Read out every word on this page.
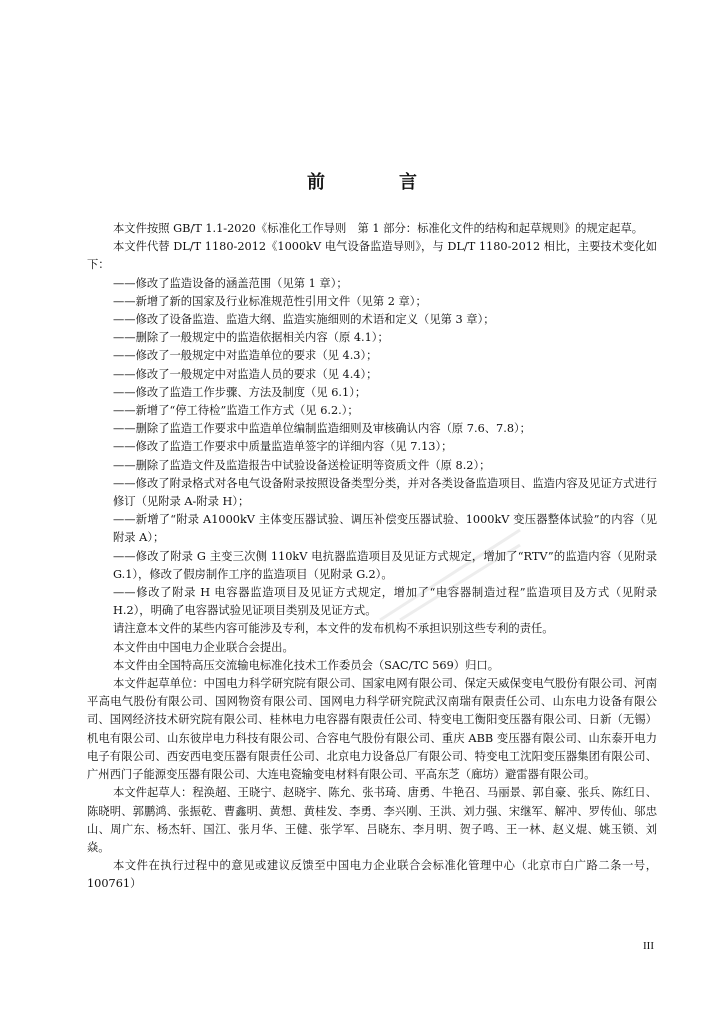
前　言

本文件按照 GB/T 1.1-2020《标准化工作导则　第 1 部分：标准化文件的结构和起草规则》的规定起草。

本文件代替 DL/T 1180-2012《1000kV 电气设备监造导则》，与 DL/T 1180-2012 相比，主要技术变化如下：

——修改了监造设备的涵盖范围（见第 1 章）；

——新增了新的国家及行业标准规范性引用文件（见第 2 章）；

——修改了设备监造、监造大纲、监造实施细则的术语和定义（见第 3 章）；

——删除了一般规定中的监造依据相关内容（原 4.1）；

——修改了一般规定中对监造单位的要求（见 4.3）；

——修改了一般规定中对监造人员的要求（见 4.4）；

——修改了监造工作步骤、方法及制度（见 6.1）；

——新增了“停工待检”监造工作方式（见 6.2.）；

——删除了监造工作要求中监造单位编制监造细则及审核确认内容（原 7.6、7.8）；

——修改了监造工作要求中质量监造单签字的详细内容（见 7.13）；

——删除了监造文件及监造报告中试验设备送检证明等资质文件（原 8.2）；

——修改了附录格式对各电气设备附录按照设备类型分类，并对各类设备监造项目、监造内容及见证方式进行修订（见附录 A-附录 H）；

——新增了“附录 A1000kV 主体变压器试验、调压补偿变压器试验、1000kV 变压器整体试验”的内容（见附录 A）；

——修改了附录 G 主变三次侧 110kV 电抗器监造项目及见证方式规定，增加了“RTV”的监造内容（见附录 G.1），修改了假房制作工序的监造项目（见附录 G.2）。

——修改了附录 H 电容器监造项目及见证方式规定，增加了“电容器制造过程”监造项目及方式（见附录 H.2），明确了电容器试验见证项目类别及见证方式。

请注意本文件的某些内容可能涉及专利，本文件的发布机构不承担识别这些专利的责任。

本文件由中国电力企业联合会提出。

本文件由全国特高压交流输电标准化技术工作委员会（SAC/TC 569）归口。

本文件起草单位：中国电力科学研究院有限公司、国家电网有限公司、保定天威保变电气股份有限公司、河南平高电气股份有限公司、国网物资有限公司、国网电力科学研究院武汉南瑞有限责任公司、山东电力设备有限公司、国网经济技术研究院有限公司、桂林电力电容器有限责任公司、特变电工衡阳变压器有限公司、日新（无锡）机电有限公司、山东彼岸电力科技有限公司、合容电气股份有限公司、重庆 ABB 变压器有限公司、山东泰开电力电子有限公司、西安西电变压器有限责任公司、北京电力设备总厂有限公司、特变电工沈阳变压器集团有限公司、广州西门子能源变压器有限公司、大连电瓷输变电材料有限公司、平高东芝（廊坊）避雷器有限公司。

本文件起草人：程涣超、王晓宁、赵晓宇、陈允、张书琦、唐勇、牛艳召、马丽景、郭自豪、张兵、陈红日、陈晓明、郭鹏鸿、张振乾、曹鑫明、黄想、黄桂发、李勇、李兴刚、王洪、刘力强、宋继军、解冲、罗传仙、邬忠山、周广东、杨杰轩、国江、张月华、王健、张学军、吕晓东、李月明、贺子鸣、王一林、赵义焜、姚玉锁、刘焱。

本文件在执行过程中的意见或建议反馈至中国电力企业联合会标准化管理中心（北京市白广路二条一号，100761）

III
